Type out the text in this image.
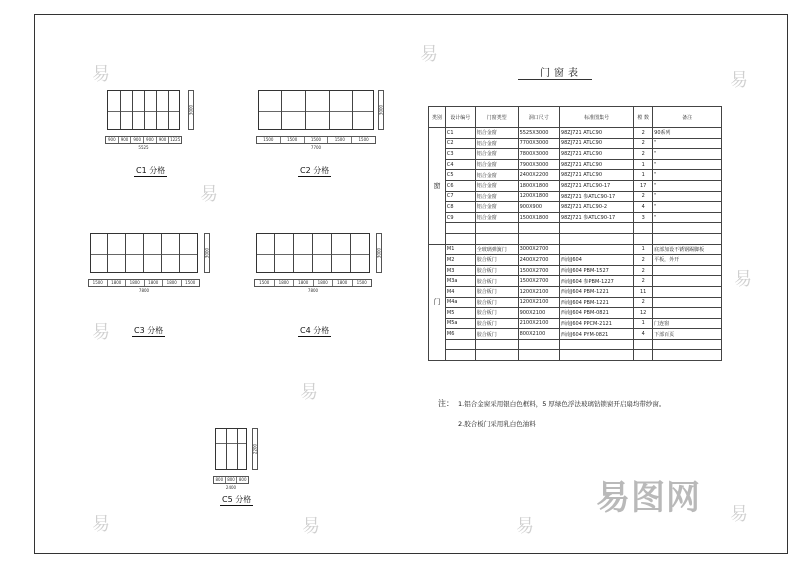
3000
900	900	900	900	900 1225
5525
C1 分格
3000
1500	1500	1500	1500	1500
7700
C2 分格
3000
1500	1800	1800	1800	1800	1500
7800
C3 分格
3000
1500	1800	1800	1800	1800	1500
7800
C4 分格
2200
800	800	800
2400
C5 分格
门窗表
类别	设计编号	门窗类型	洞口尺寸	标准图集号	樘 数	备注
窗	C1	铝合金窗	5525X3000	98ZJ721 ATLC90	2	90系列
	C2	铝合金窗	7700X3000	98ZJ721 ATLC90	2	"
	C3	铝合金窗	7800X3000	98ZJ721 ATLC90	2	"
	C4	铝合金窗	7900X3000	98ZJ721 ATLC90	1	"
	C5	铝合金窗	2400X2200	98ZJ721 ATLC90	1	"
	C6	铝合金窗	1800X1800	98ZJ721 ATLC90-17	17	"
	C7	铝合金窗	1200X1800	98ZJ721 参ATLC90-17	2	"
	C8	铝合金窗	900X900	98ZJ721 ATLC90-2	4	"
	C9	铝合金窗	1500X1800	98ZJ721 参ATLC90-17	3	"

门	M1	全玻璃弹簧门	3000X2700		1	底部加设不锈钢踢脚板
	M2	胶合板门	2400X2700	西南J604	2	平板，外开
	M3	胶合板门	1500X2700	西南J604 PBM-1527	2	
	M3a	胶合板门	1500X2700	西南J604 参PBM-1227	2	
	M4	胶合板门	1200X2100	西南J604 PBM-1221	11	
	M4a	胶合板门	1200X2100	西南J604 PBM-1221	2	
	M5	胶合板门	900X2100	西南J604 PBM-0821	12	
	M5a	胶合板门	2100X2100	西南J604 PPCM-2121	1	门连窗
	M6	胶合板门	800X2100	西南J604 PYM-0821	4	下部百页

注： 1.铝合金窗采用银白色框料，5 厚绿色浮法玻璃钻锁窗开启扇均带纱窗。
2.胶合板门采用乳白色油料
易
易
易
易
易
易
易
易	易	易
易
易图网
